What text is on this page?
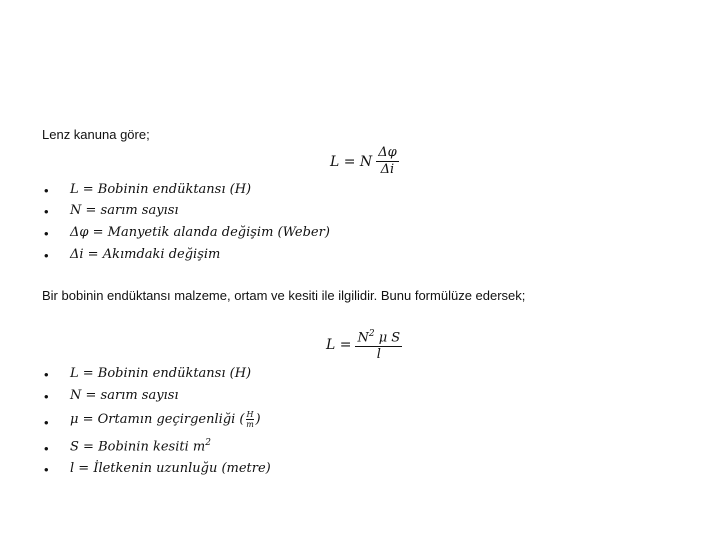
Lenz kanuna göre;
L = N $\frac{\Delta\varphi}{\Delta i}$
• L = Bobinin endüktansı (H)
• N = sarım sayısı
• Δφ = Manyetik alanda değişim (Weber)
• Δi = Akımdaki değişim
Bir bobinin endüktansı malzeme, ortam ve kesiti ile ilgilidir. Bunu formülüze edersek;
$L = \frac{N^2 \mu S}{l}$
• L = Bobinin endüktansı (H)
• N = sarım sayısı
• μ = Ortamın geçirgenliği ( $\frac{H}{m}$ )
• S = Bobinin kesiti $m^2$
• l = İletkenin uzunluğu (metre)
